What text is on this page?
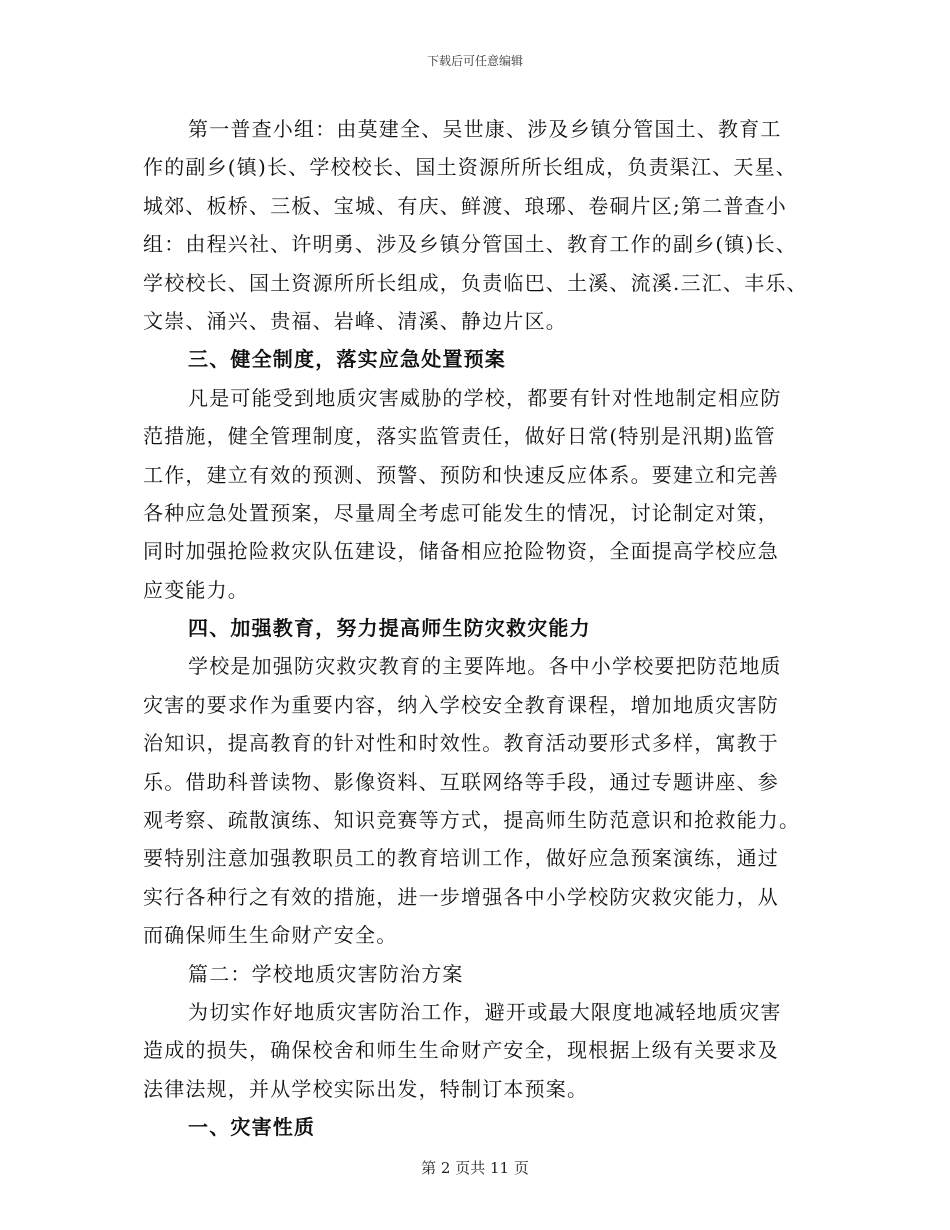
下载后可任意编辑
第一普查小组：由莫建全、吴世康、涉及乡镇分管国土、教育工
作的副乡(镇)长、学校校长、国土资源所所长组成，负责渠江、天星、
城郊、板桥、三板、宝城、有庆、鲜渡、琅琊、卷硐片区;第二普查小
组：由程兴社、许明勇、涉及乡镇分管国土、教育工作的副乡(镇)长、
学校校长、国土资源所所长组成，负责临巴、土溪、流溪.三汇、丰乐、
文崇、涌兴、贵福、岩峰、清溪、静边片区。
三、健全制度，落实应急处置预案
凡是可能受到地质灾害威胁的学校，都要有针对性地制定相应防
范措施，健全管理制度，落实监管责任，做好日常(特别是汛期)监管
工作，建立有效的预测、预警、预防和快速反应体系。要建立和完善
各种应急处置预案，尽量周全考虑可能发生的情况，讨论制定对策，
同时加强抢险救灾队伍建设，储备相应抢险物资，全面提高学校应急
应变能力。
四、加强教育，努力提高师生防灾救灾能力
学校是加强防灾救灾教育的主要阵地。各中小学校要把防范地质
灾害的要求作为重要内容，纳入学校安全教育课程，增加地质灾害防
治知识，提高教育的针对性和时效性。教育活动要形式多样，寓教于
乐。借助科普读物、影像资料、互联网络等手段，通过专题讲座、参
观考察、疏散演练、知识竞赛等方式，提高师生防范意识和抢救能力。
要特别注意加强教职员工的教育培训工作，做好应急预案演练，通过
实行各种行之有效的措施，进一步增强各中小学校防灾救灾能力，从
而确保师生生命财产安全。
篇二：学校地质灾害防治方案
为切实作好地质灾害防治工作，避开或最大限度地减轻地质灾害
造成的损失，确保校舍和师生生命财产安全，现根据上级有关要求及
法律法规，并从学校实际出发，特制订本预案。
一、灾害性质
第 2 页共 11 页
